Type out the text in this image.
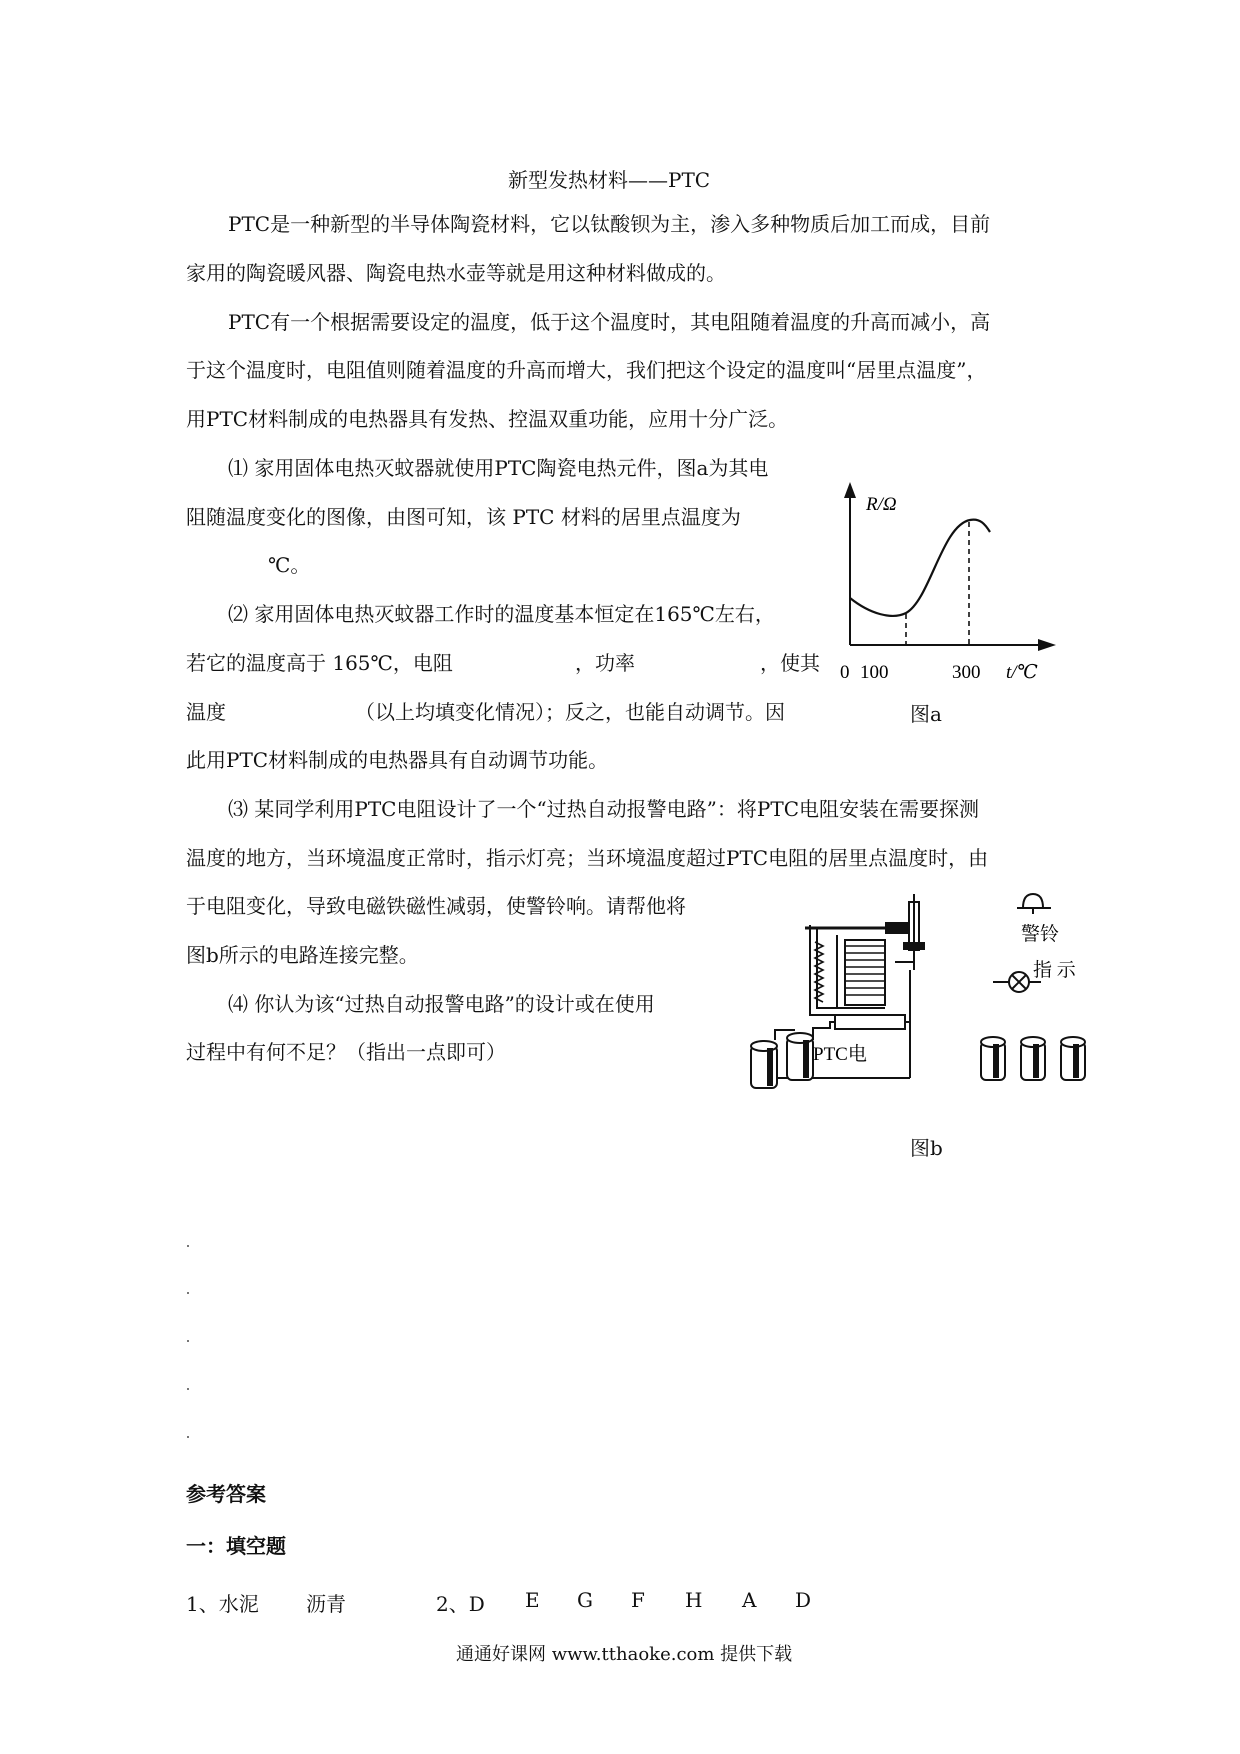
新型发热材料——PTC
PTC是一种新型的半导体陶瓷材料，它以钛酸钡为主，渗入多种物质后加工而成，目前
家用的陶瓷暖风器、陶瓷电热水壶等就是用这种材料做成的。
PTC有一个根据需要设定的温度，低于这个温度时，其电阻随着温度的升高而减小，高
于这个温度时，电阻值则随着温度的升高而增大，我们把这个设定的温度叫“居里点温度”，
用PTC材料制成的电热器具有发热、控温双重功能，应用十分广泛。
⑴ 家用固体电热灭蚊器就使用PTC陶瓷电热元件，图a为其电
阻随温度变化的图像，由图可知，该 PTC 材料的居里点温度为
℃。
⑵ 家用固体电热灭蚊器工作时的温度基本恒定在165℃左右，
若它的温度高于 165℃，电阻	，功率	，使其
温度	（以上均填变化情况）；反之，也能自动调节。因
此用PTC材料制成的电热器具有自动调节功能。
⑶ 某同学利用PTC电阻设计了一个“过热自动报警电路”：将PTC电阻安装在需要探测
温度的地方，当环境温度正常时，指示灯亮；当环境温度超过PTC电阻的居里点温度时，由
于电阻变化，导致电磁铁磁性减弱，使警铃响。请帮他将
图b所示的电路连接完整。
⑷ 你认为该“过热自动报警电路”的设计或在使用
过程中有何不足？（指出一点即可）
R/Ω
0 100	300 t/℃
图a
PTC电
警铃
指 示
图b
参考答案
一：填空题
1、水泥 沥青	2、D E G F H A D
通通好课网 www.tthaoke.com 提供下载
